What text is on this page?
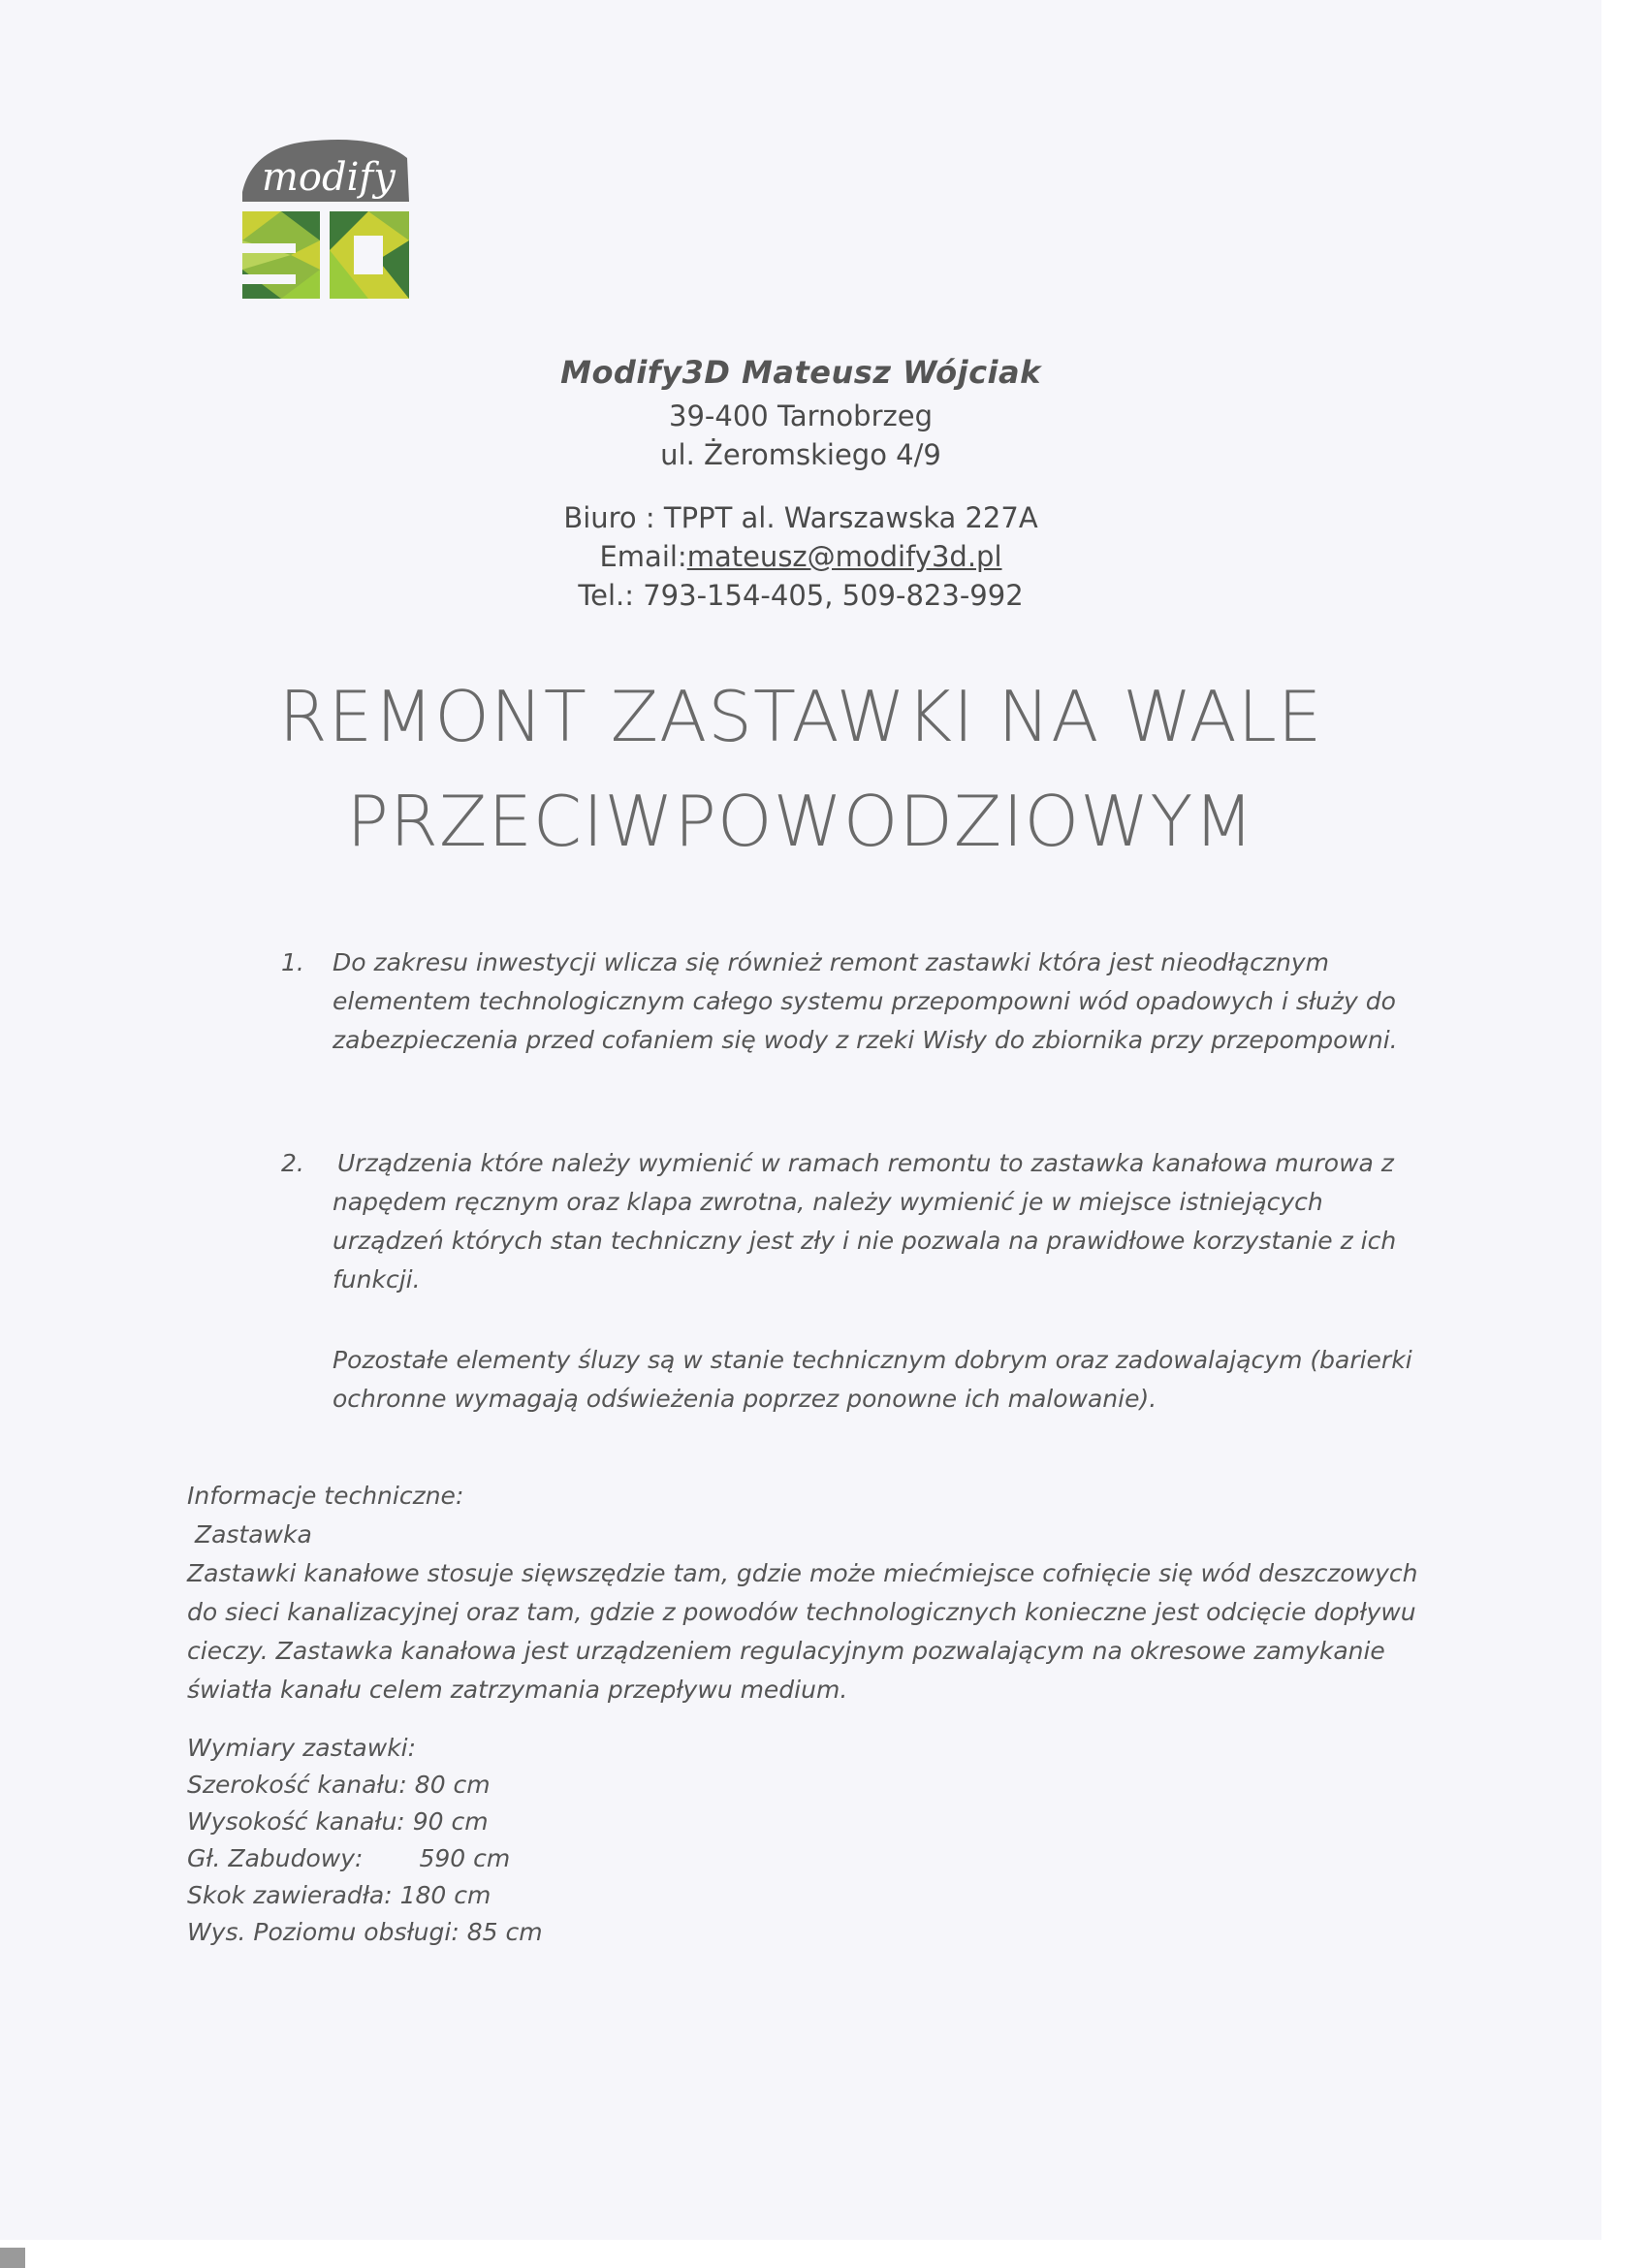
modify
Modify3D Mateusz Wójciak
39-400 Tarnobrzeg
ul. Żeromskiego 4/9
Biuro : TPPT al. Warszawska 227A
Email:mateusz@modify3d.pl
Tel.: 793-154-405, 509-823-992
REMONT ZASTAWKI NA WALE
PRZECIWPOWODZIOWYM
1.	Do zakresu inwestycji wlicza się również remont zastawki która jest nieodłącznym
elementem technologicznym całego systemu przepompowni wód opadowych i służy do
zabezpieczenia przed cofaniem się wody z rzeki Wisły do zbiornika przy przepompowni.
2.	Urządzenia które należy wymienić w ramach remontu to zastawka kanałowa murowa z
napędem ręcznym oraz klapa zwrotna, należy wymienić je w miejsce istniejących
urządzeń których stan techniczny jest zły i nie pozwala na prawidłowe korzystanie z ich
funkcji.
Pozostałe elementy śluzy są w stanie technicznym dobrym oraz zadowalającym (barierki
ochronne wymagają odświeżenia poprzez ponowne ich malowanie).
Informacje techniczne:
Zastawka
Zastawki kanałowe stosuje sięwszędzie tam, gdzie może miećmiejsce cofnięcie się wód deszczowych
do sieci kanalizacyjnej oraz tam, gdzie z powodów technologicznych konieczne jest odcięcie dopływu
cieczy. Zastawka kanałowa jest urządzeniem regulacyjnym pozwalającym na okresowe zamykanie
światła kanału celem zatrzymania przepływu medium.
Wymiary zastawki:
Szerokość kanału: 80 cm
Wysokość kanału: 90 cm
Gł. Zabudowy: 590 cm
Skok zawieradła: 180 cm
Wys. Poziomu obsługi: 85 cm
